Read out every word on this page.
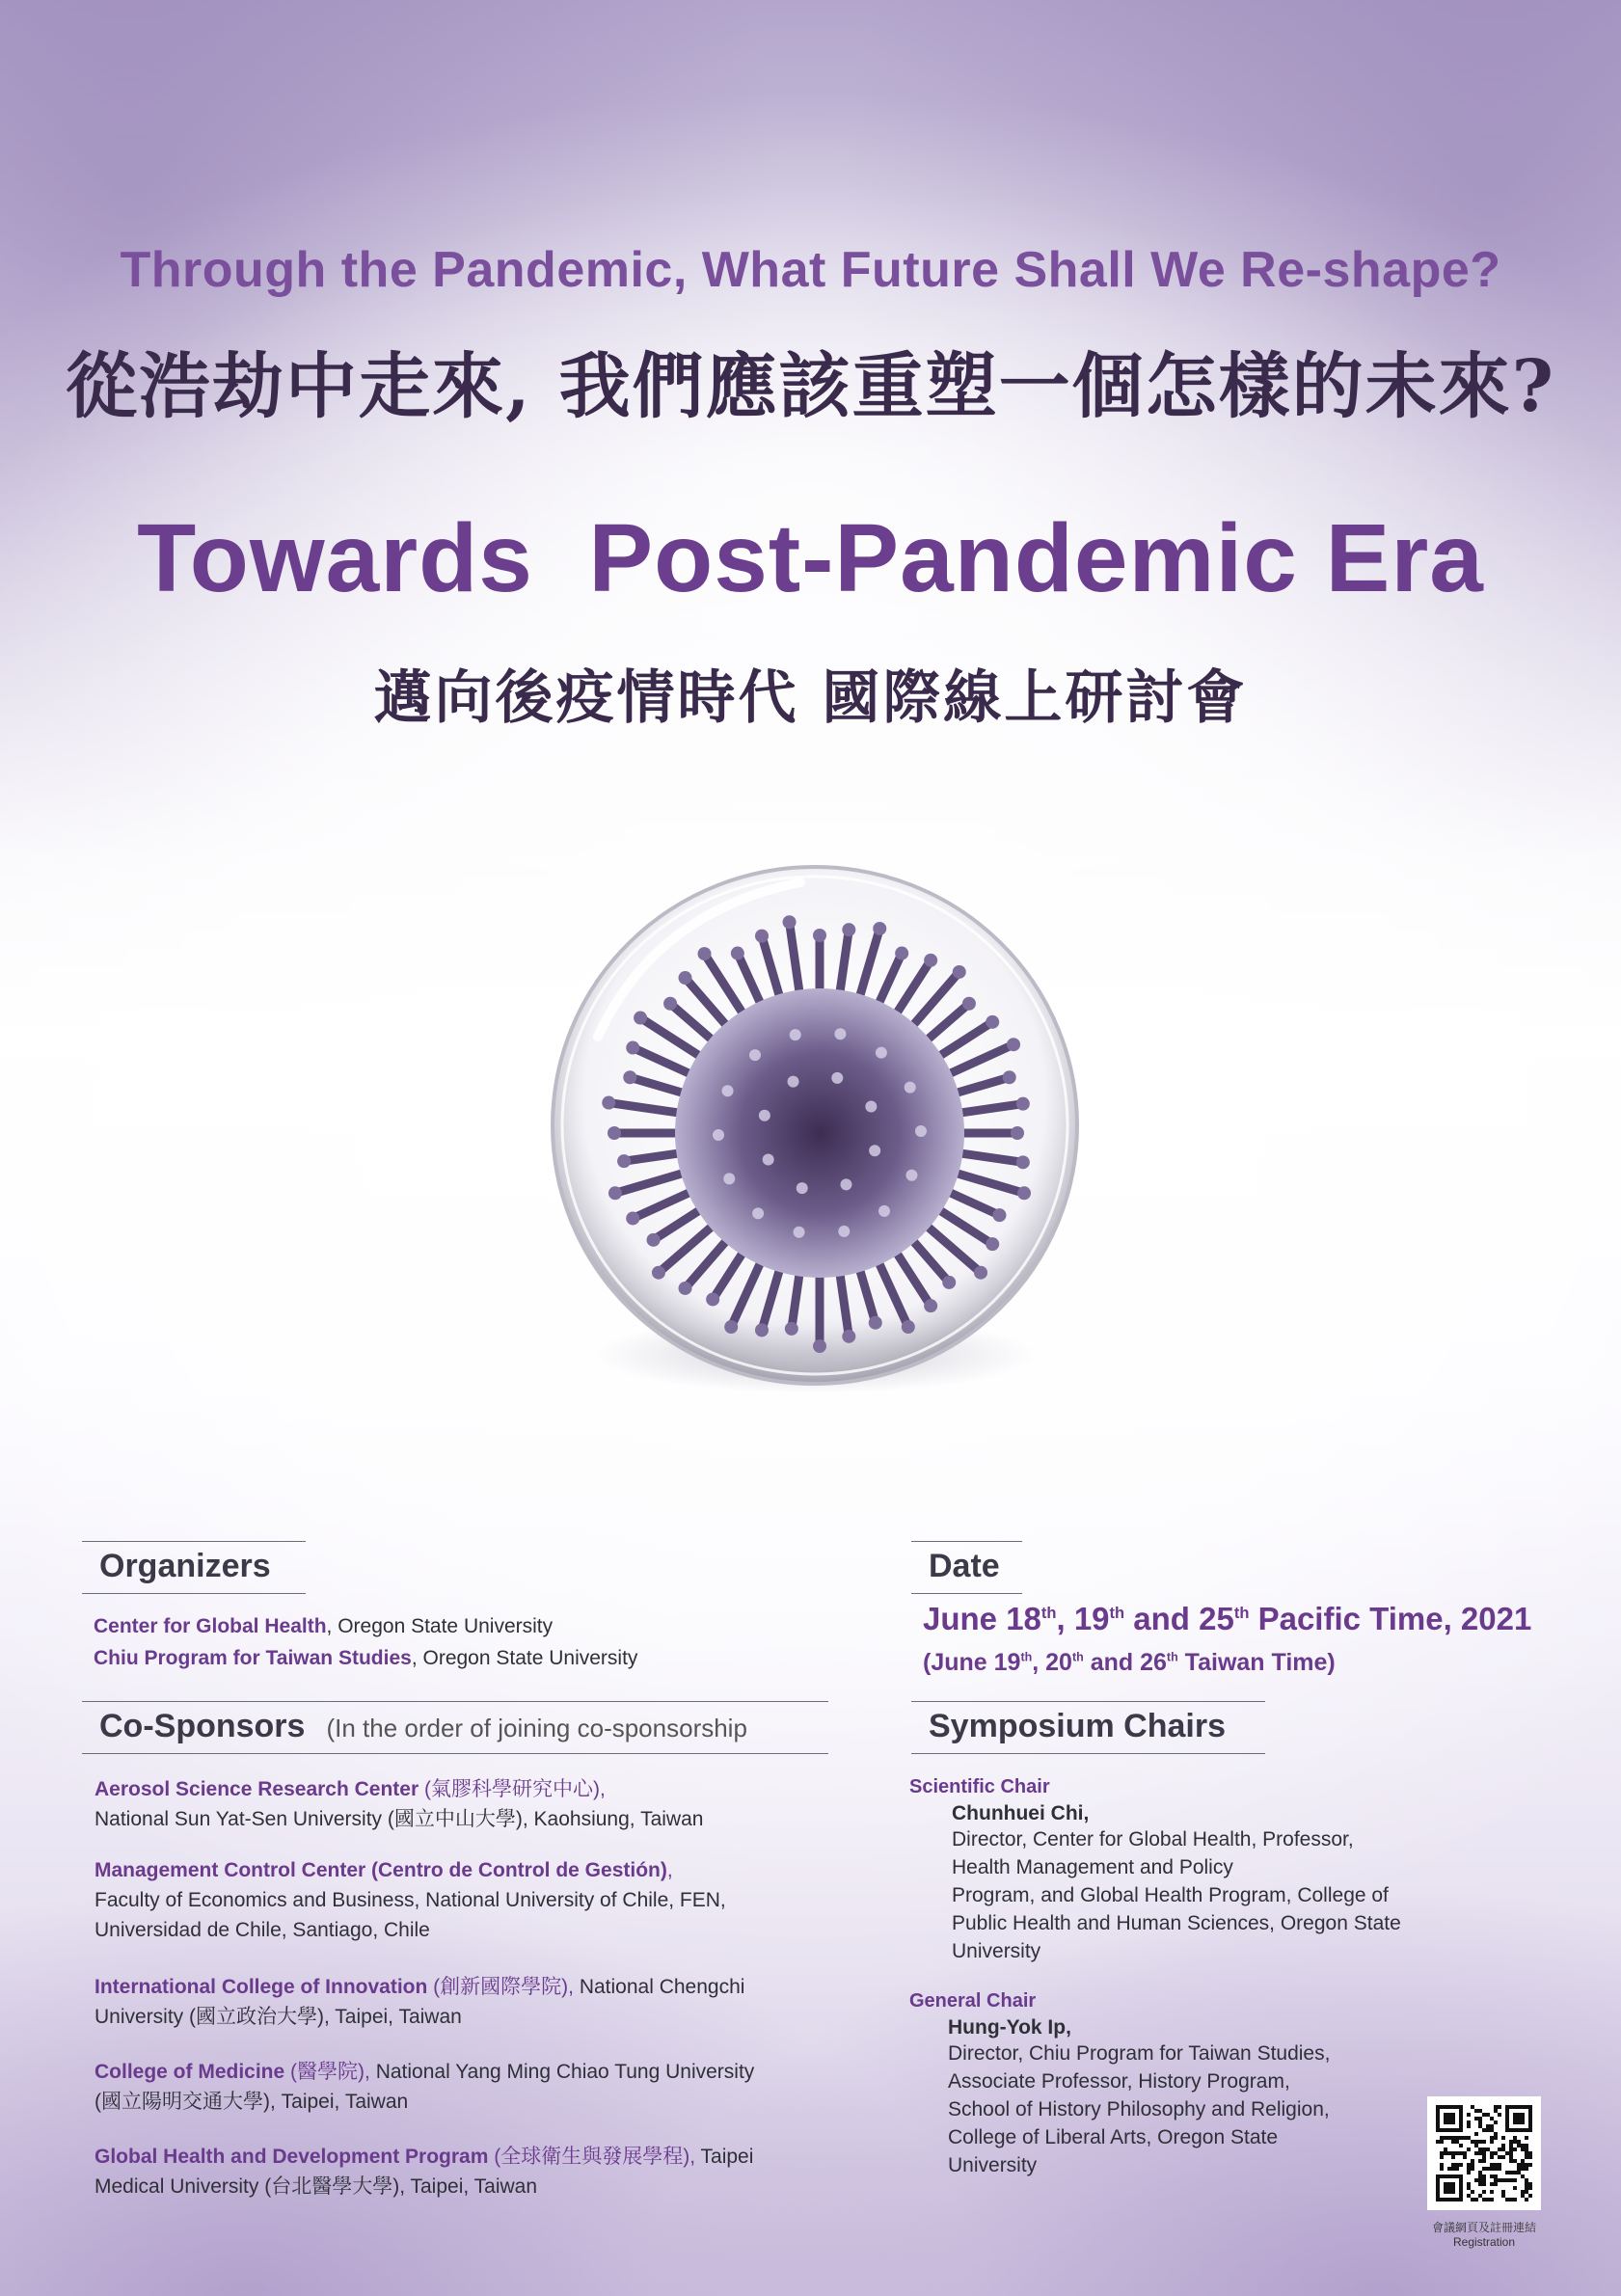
Through the Pandemic, What Future Shall We Re-shape?
從浩劫中走來, 我們應該重塑一個怎樣的未來?
Towards  Post-Pandemic Era
邁向後疫情時代 國際線上研討會
Organizers
Center for Global Health, Oregon State University
Chiu Program for Taiwan Studies, Oregon State University
Co-Sponsors (In the order of joining co-sponsorship
Aerosol Science Research Center (氣膠科學研究中心),
National Sun Yat-Sen University (國立中山大學), Kaohsiung, Taiwan
Management Control Center (Centro de Control de Gestión),
Faculty of Economics and Business, National University of Chile, FEN,
Universidad de Chile, Santiago, Chile
International College of Innovation (創新國際學院), National Chengchi
University (國立政治大學), Taipei, Taiwan
College of Medicine (醫學院), National Yang Ming Chiao Tung University
(國立陽明交通大學), Taipei, Taiwan
Global Health and Development Program (全球衛生與發展學程), Taipei
Medical University (台北醫學大學), Taipei, Taiwan
Date
June 18th, 19th and 25th Pacific Time, 2021
(June 19th, 20th and 26th Taiwan Time)
Symposium Chairs
Scientific Chair
Chunhuei Chi,
Director, Center for Global Health, Professor,
Health Management and Policy
Program, and Global Health Program, College of
Public Health and Human Sciences, Oregon State
University
General Chair
Hung-Yok Ip,
Director, Chiu Program for Taiwan Studies,
Associate Professor, History Program,
School of History Philosophy and Religion,
College of Liberal Arts, Oregon State
University
會議網頁及註冊連結
Registration
